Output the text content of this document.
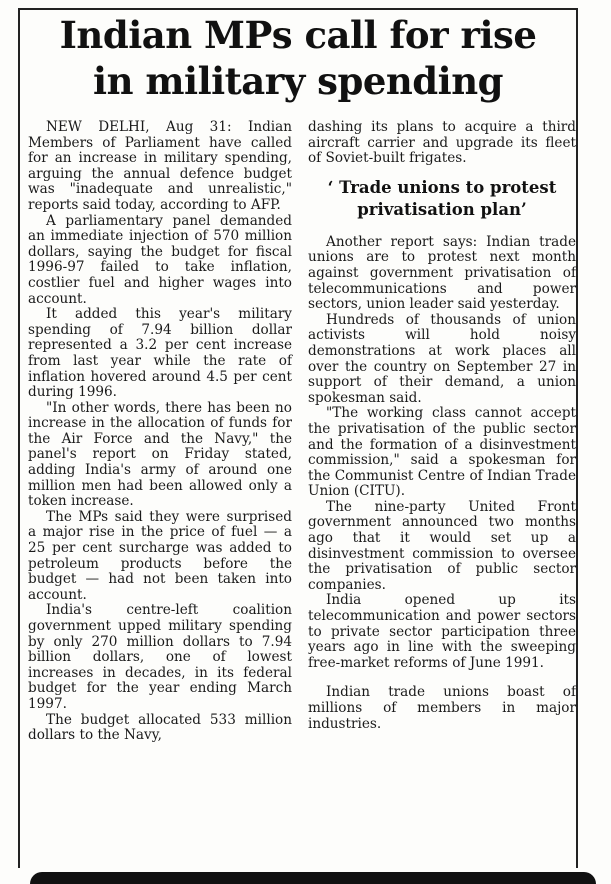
Indian MPs call for rise
in military spending

NEW DELHI, Aug 31: Indian Members of Parliament have called for an increase in military spending, arguing the annual defence budget was "inadequate and unrealistic," reports said today, according to AFP.

A parliamentary panel demanded an immediate injection of 570 million dollars, saying the budget for fiscal 1996-97 failed to take inflation, costlier fuel and higher wages into account.

It added this year's military spending of 7.94 billion dollar represented a 3.2 per cent increase from last year while the rate of inflation hovered around 4.5 per cent during 1996.

"In other words, there has been no increase in the allocation of funds for the Air Force and the Navy," the panel's report on Friday stated, adding India's army of around one million men had been allowed only a token increase.

The MPs said they were surprised a major rise in the price of fuel — a 25 per cent surcharge was added to petroleum products before the budget — had not been taken into account.

India's centre-left coalition government upped military spending by only 270 million dollars to 7.94 billion dollars, one of lowest increases in decades, in its federal budget for the year ending March 1997.

The budget allocated 533 million dollars to the Navy,

dashing its plans to acquire a third aircraft carrier and upgrade its fleet of Soviet-built frigates.

‘ Trade unions to protest privatisation plan’

Another report says: Indian trade unions are to protest next month against government privatisation of telecommunications and power sectors, union leader said yesterday.

Hundreds of thousands of union activists will hold noisy demonstrations at work places all over the country on September 27 in support of their demand, a union spokesman said.

"The working class cannot accept the privatisation of the public sector and the formation of a disinvestment commission," said a spokesman for the Communist Centre of Indian Trade Union (CITU).

The nine-party United Front government announced two months ago that it would set up a disinvestment commission to oversee the privatisation of public sector companies.

India opened up its telecommunication and power sectors to private sector participation three years ago in line with the sweeping free-market reforms of June 1991.

Indian trade unions boast of millions of members in major industries.
